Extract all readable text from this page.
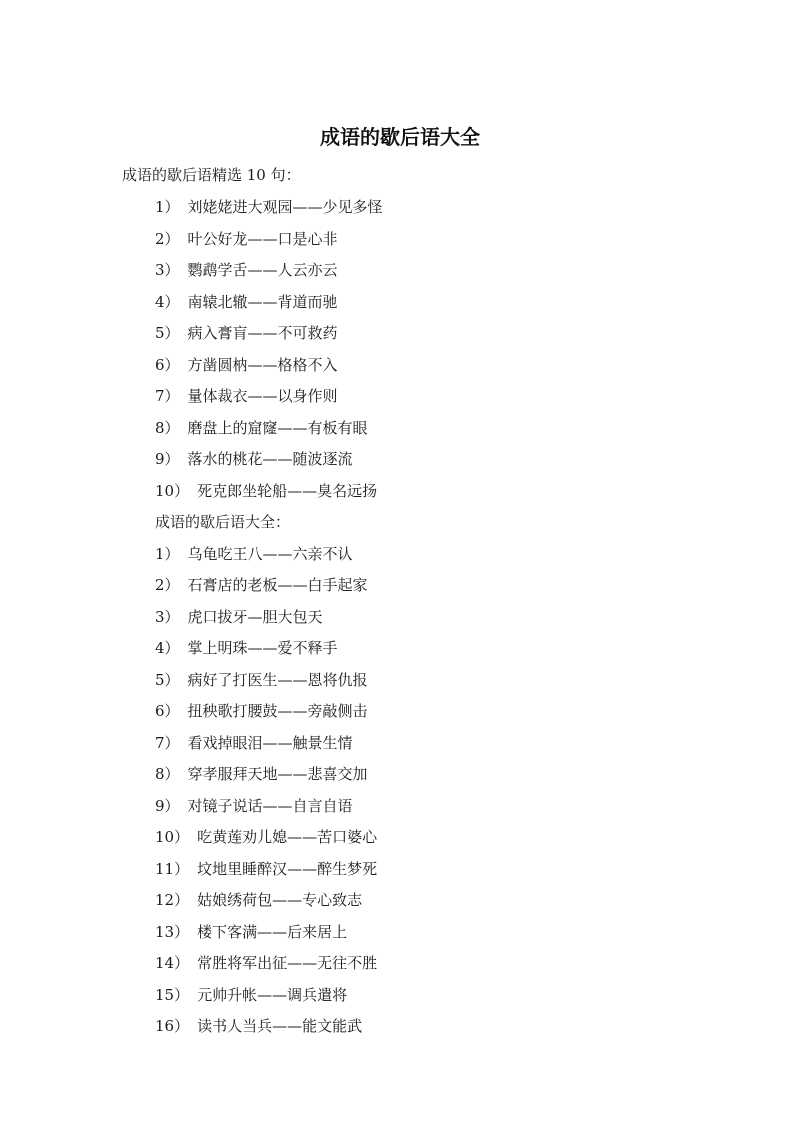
成语的歇后语大全

成语的歇后语精选 10 句：

1） 刘姥姥进大观园——少见多怪
2） 叶公好龙——口是心非
3） 鹦鹉学舌——人云亦云
4） 南辕北辙——背道而驰
5） 病入膏肓——不可救药
6） 方凿圆枘——格格不入
7） 量体裁衣——以身作则
8） 磨盘上的窟窿——有板有眼
9） 落水的桃花——随波逐流
10） 死克郎坐轮船——臭名远扬
成语的歇后语大全：
1） 乌龟吃王八——六亲不认
2） 石膏店的老板——白手起家
3） 虎口拔牙—胆大包天
4） 掌上明珠——爱不释手
5） 病好了打医生——恩将仇报
6） 扭秧歌打腰鼓——旁敲侧击
7） 看戏掉眼泪——触景生情
8） 穿孝服拜天地——悲喜交加
9） 对镜子说话——自言自语
10） 吃黄莲劝儿媳——苦口婆心
11） 坟地里睡醉汉——醉生梦死
12） 姑娘绣荷包——专心致志
13） 楼下客满——后来居上
14） 常胜将军出征——无往不胜
15） 元帅升帐——调兵遣将
16） 读书人当兵——能文能武
